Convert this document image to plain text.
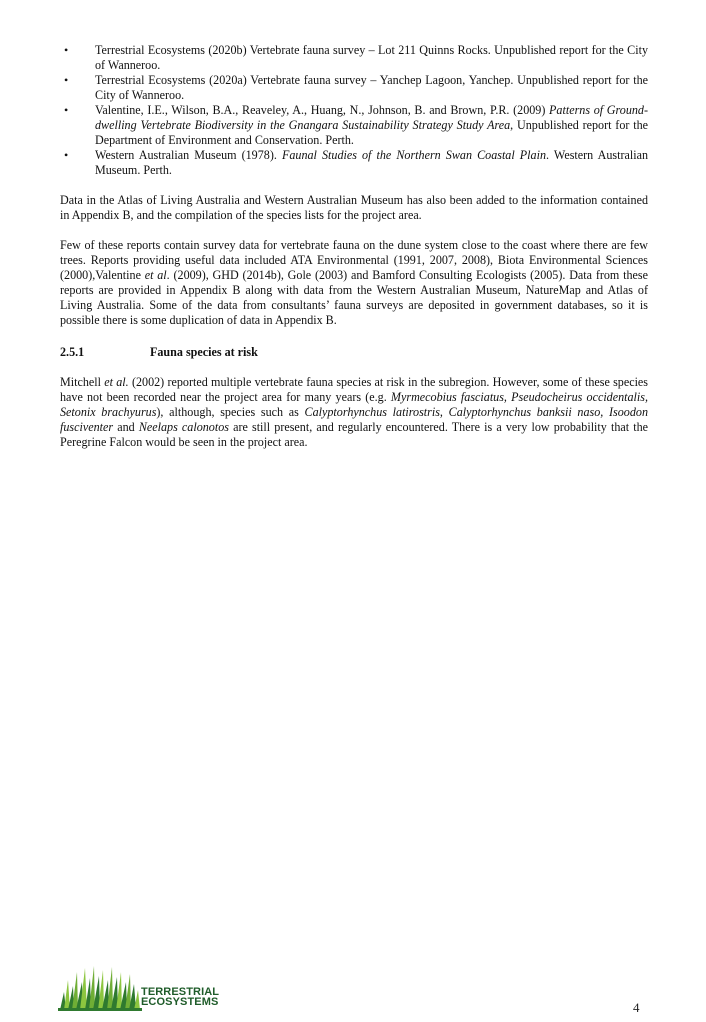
• Terrestrial Ecosystems (2020b) Vertebrate fauna survey – Lot 211 Quinns Rocks. Unpublished report for the City of Wanneroo.
• Terrestrial Ecosystems (2020a) Vertebrate fauna survey – Yanchep Lagoon, Yanchep. Unpublished report for the City of Wanneroo.
• Valentine, I.E., Wilson, B.A., Reaveley, A., Huang, N., Johnson, B. and Brown, P.R. (2009) Patterns of Ground-dwelling Vertebrate Biodiversity in the Gnangara Sustainability Strategy Study Area, Unpublished report for the Department of Environment and Conservation. Perth.
• Western Australian Museum (1978). Faunal Studies of the Northern Swan Coastal Plain. Western Australian Museum. Perth.

Data in the Atlas of Living Australia and Western Australian Museum has also been added to the information contained in Appendix B, and the compilation of the species lists for the project area.

Few of these reports contain survey data for vertebrate fauna on the dune system close to the coast where there are few trees. Reports providing useful data included ATA Environmental (1991, 2007, 2008), Biota Environmental Sciences (2000),Valentine et al. (2009), GHD (2014b), Gole (2003) and Bamford Consulting Ecologists (2005). Data from these reports are provided in Appendix B along with data from the Western Australian Museum, NatureMap and Atlas of Living Australia. Some of the data from consultants’ fauna surveys are deposited in government databases, so it is possible there is some duplication of data in Appendix B.

2.5.1	Fauna species at risk

Mitchell et al. (2002) reported multiple vertebrate fauna species at risk in the subregion. However, some of these species have not been recorded near the project area for many years (e.g. Myrmecobius fasciatus, Pseudocheirus occidentalis, Setonix brachyurus), although, species such as Calyptorhynchus latirostris, Calyptorhynchus banksii naso, Isoodon fusciventer and Neelaps calonotos are still present, and regularly encountered. There is a very low probability that the Peregrine Falcon would be seen in the project area.

TERRESTRIAL
ECOSYSTEMS	4
